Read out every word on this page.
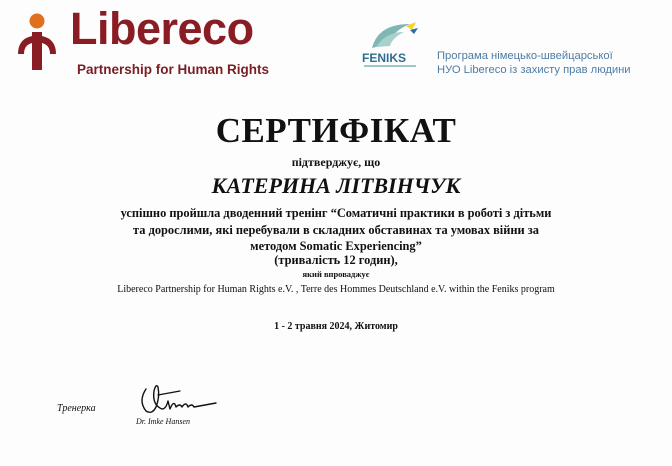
Libereco
Partnership for Human Rights
FENIKS	Програма німецько-швейцарської
НУО Libereco із захисту прав людини
СЕРТИФІКАТ
підтверджує, що
КАТЕРИНА ЛІТВІНЧУК
успішно пройшла дводенний тренінг “Соматичні практики в роботі з дітьми
та дорослими, які перебували в складних обставинах та умовах війни за
методом Somatic Experiencing”
(тривалість 12 годин),
який впроваджує
Libereco Partnership for Human Rights e.V. , Terre des Hommes Deutschland e.V. within the Feniks program
1 - 2 травня 2024, Житомир
Тренерка
Dr. Imke Hansen
